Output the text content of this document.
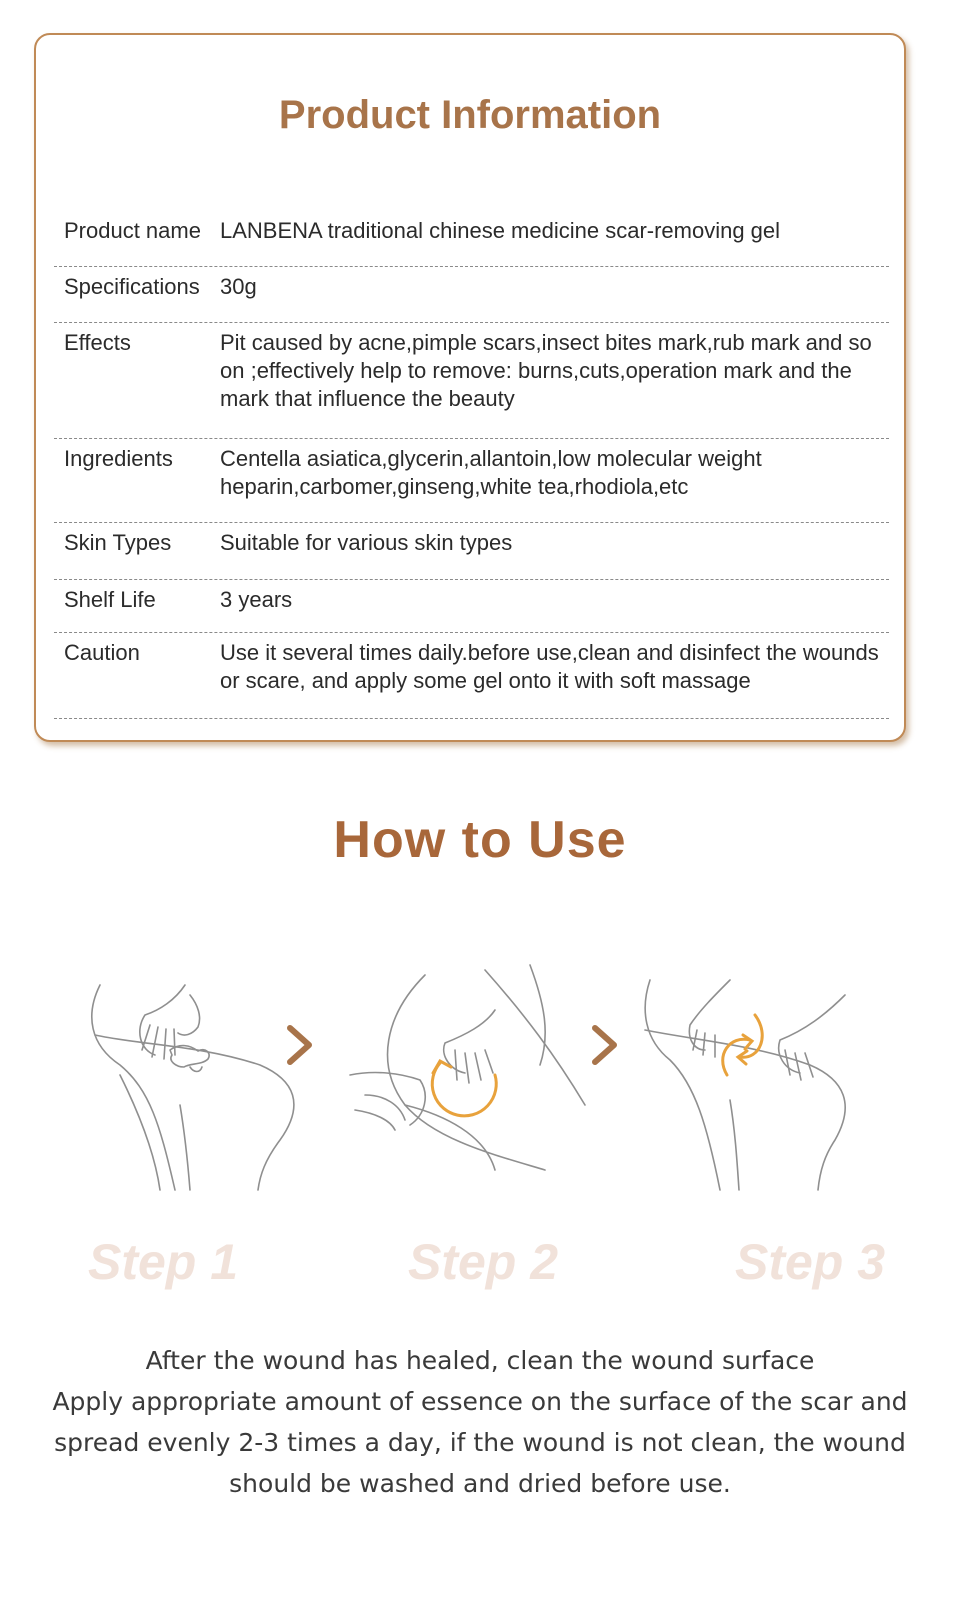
Product Information
Product name LANBENA traditional chinese medicine scar-removing gel
Specifications 30g
Effects	Pit caused by acne,pimple scars,insect bites mark,rub mark and so on ;effectively help to remove: burns,cuts,operation mark and the mark that influence the beauty
Ingredients	Centella asiatica,glycerin,allantoin,low molecular weight heparin,carbomer,ginseng,white tea,rhodiola,etc
Skin Types	Suitable for various skin types
Shelf Life	3 years
Caution	Use it several times daily.before use,clean and disinfect the wounds or scare, and apply some gel onto it with soft massage
How to Use
Step 1	Step 2	Step 3

After the wound has healed, clean the wound surface

Apply appropriate amount of essence on the surface of the scar and spread evenly 2-3 times a day, if the wound is not clean, the wound should be washed and dried before use.
